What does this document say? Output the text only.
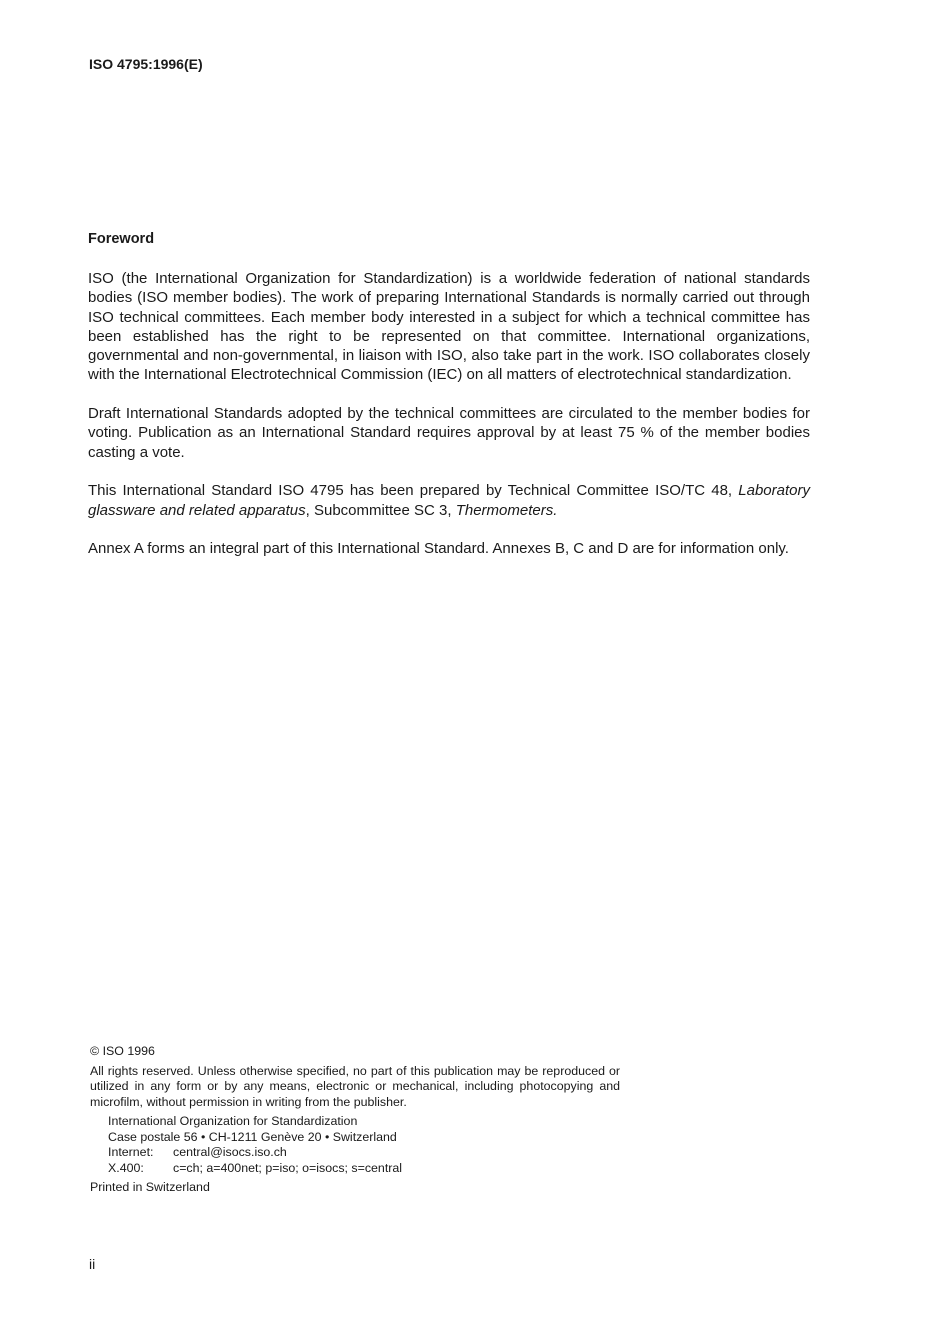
ISO 4795:1996(E)
Foreword

ISO (the International Organization for Standardization) is a worldwide federation of national standards bodies (ISO member bodies). The work of preparing International Standards is normally carried out through ISO technical committees. Each member body interested in a subject for which a technical committee has been established has the right to be represented on that committee. International organizations, governmental and non-governmental, in liaison with ISO, also take part in the work. ISO collaborates closely with the International Electrotechnical Commission (IEC) on all matters of electrotechnical standardization.

Draft International Standards adopted by the technical committees are circulated to the member bodies for voting. Publication as an International Standard requires approval by at least 75 % of the member bodies casting a vote.

This International Standard ISO 4795 has been prepared by Technical Committee ISO/TC 48, Laboratory glassware and related apparatus, Subcommittee SC 3, Thermometers.

Annex A forms an integral part of this International Standard. Annexes B, C and D are for information only.

© ISO 1996

All rights reserved. Unless otherwise specified, no part of this publication may be reproduced or utilized in any form or by any means, electronic or mechanical, including photocopying and microfilm, without permission in writing from the publisher.

International Organization for Standardization
Case postale 56 • CH-1211 Genève 20 • Switzerland
Internet: central@isocs.iso.ch
X.400: c=ch; a=400net; p=iso; o=isocs; s=central

Printed in Switzerland

ii
